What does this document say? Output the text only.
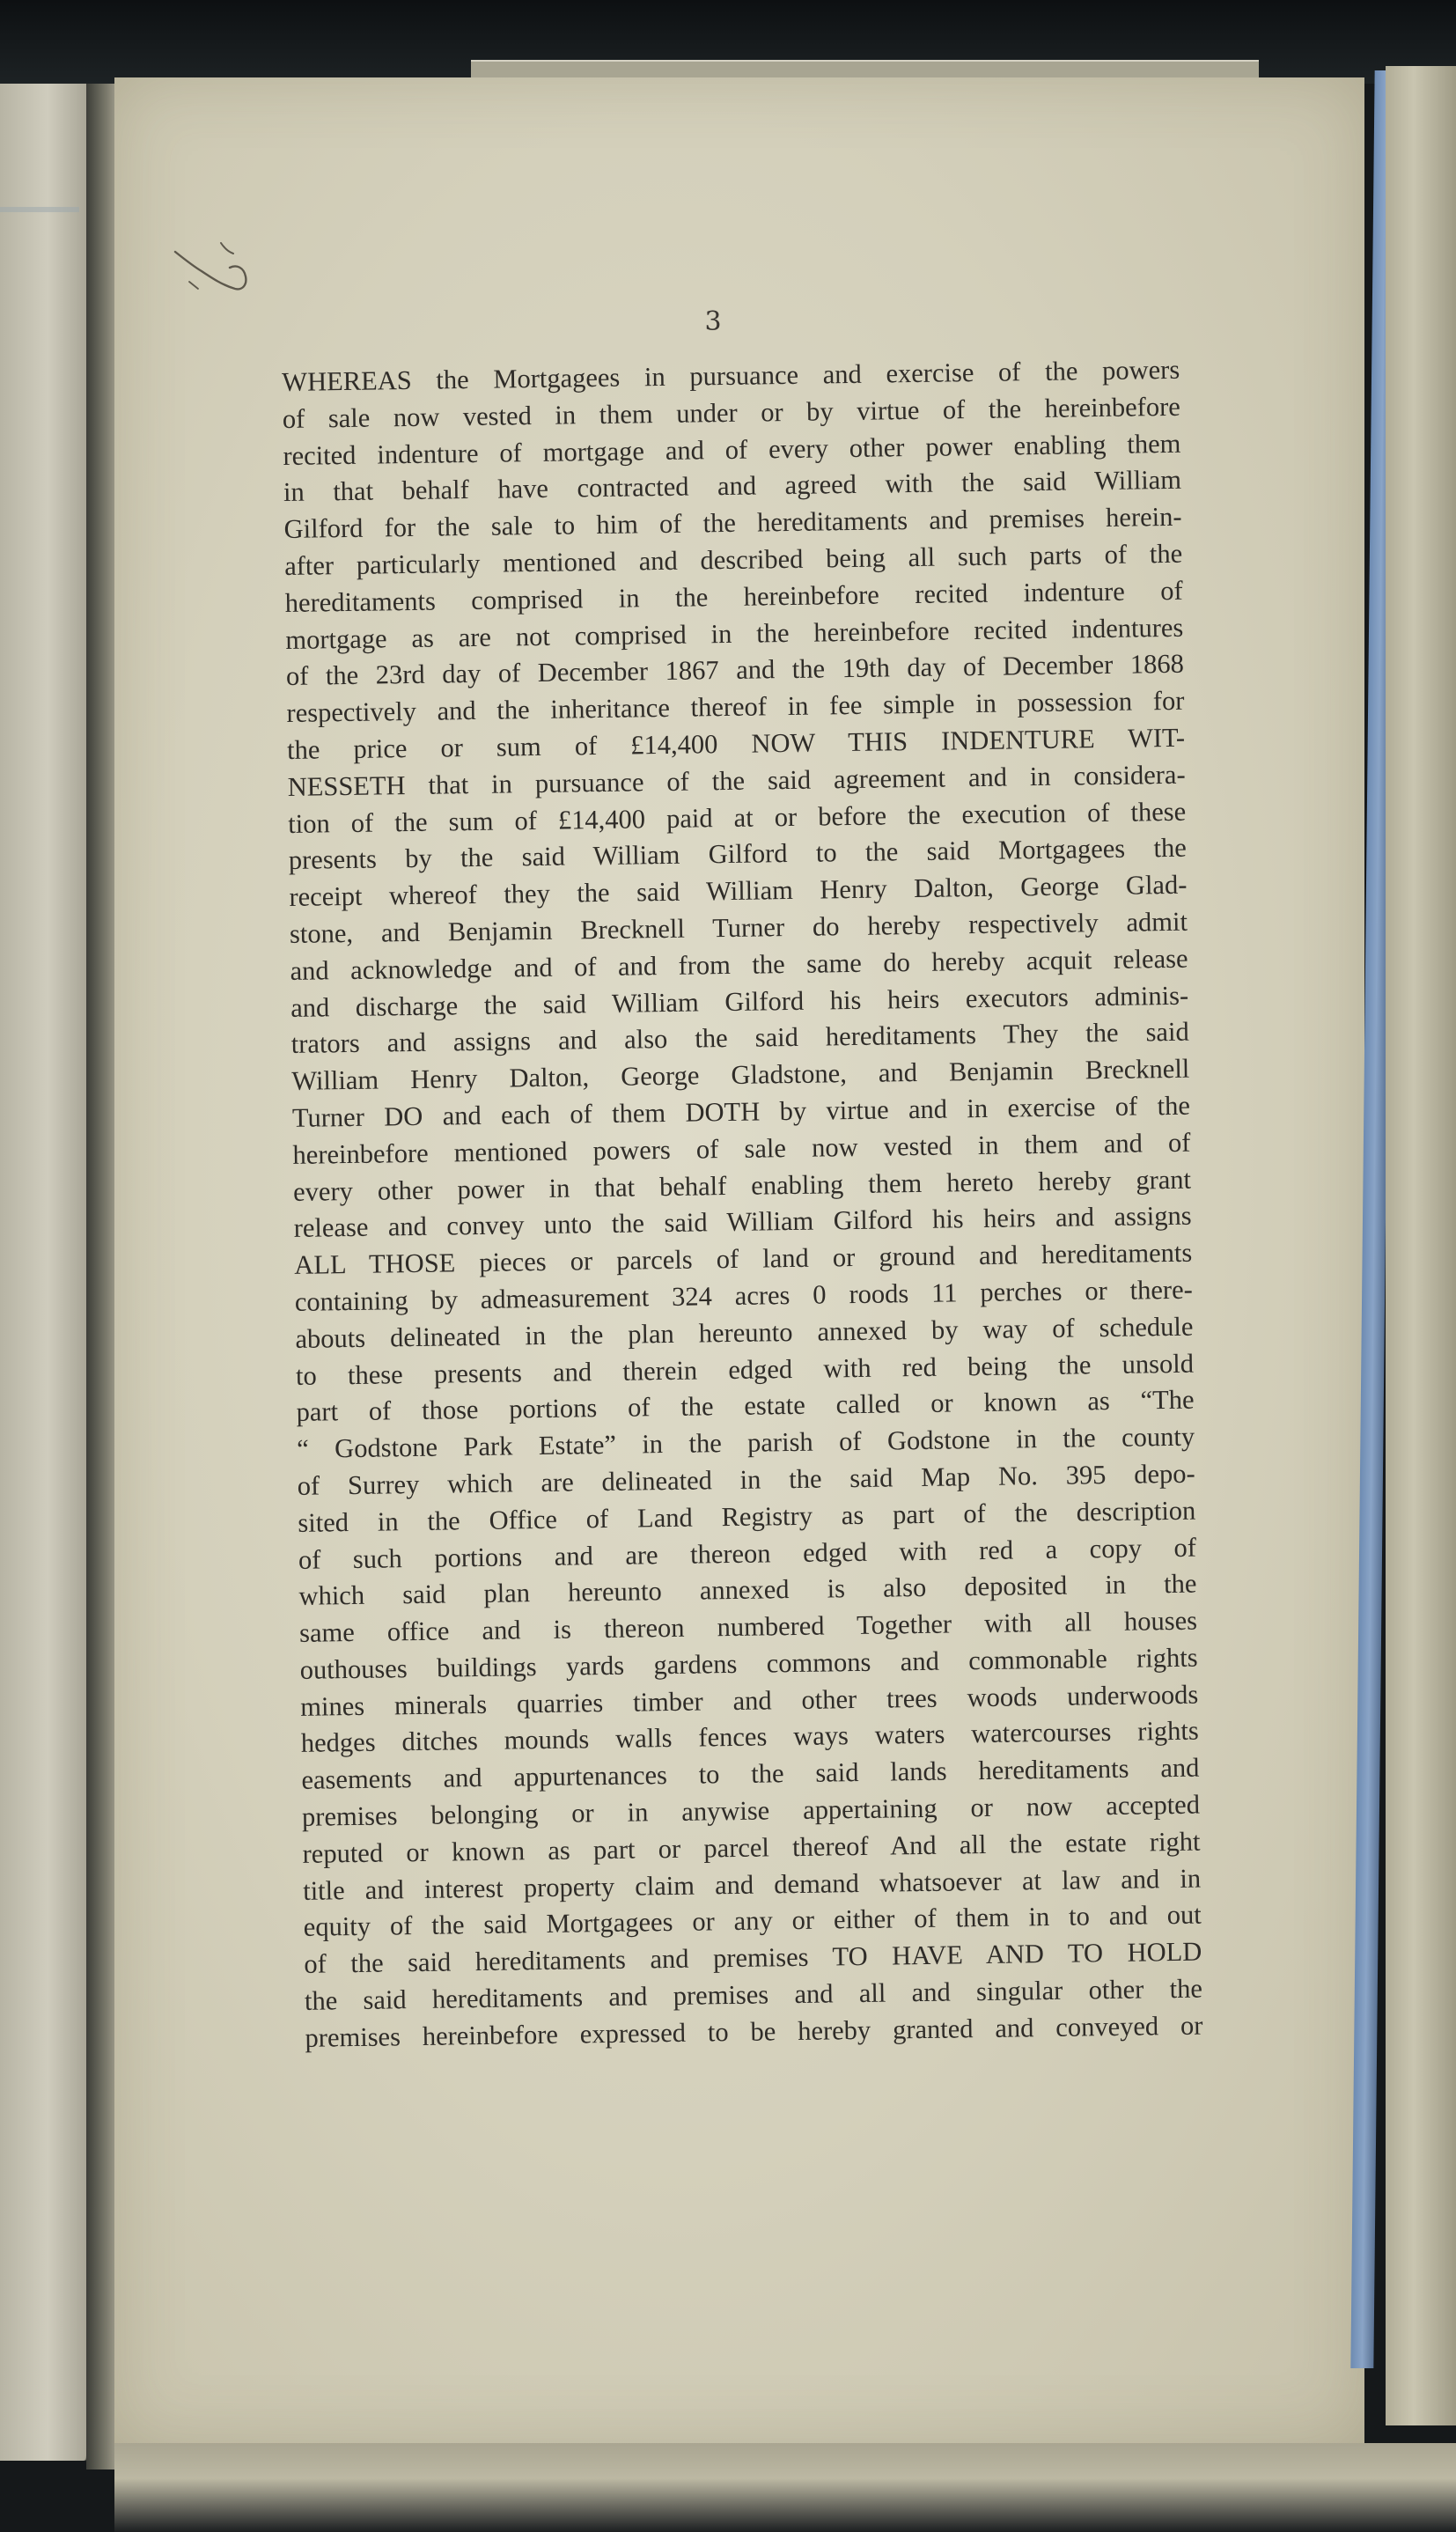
3
WHEREAS the Mortgagees in pursuance and exercise of the powers
of sale now vested in them under or by virtue of the hereinbefore
recited indenture of mortgage and of every other power enabling them
in that behalf have contracted and agreed with the said William
Gilford for the sale to him of the hereditaments and premises herein-
after particularly mentioned and described being all such parts of the
hereditaments comprised in the hereinbefore recited indenture of
mortgage as are not comprised in the hereinbefore recited indentures
of the 23rd day of December 1867 and the 19th day of December 1868
respectively and the inheritance thereof in fee simple in possession for
the price or sum of £14,400 NOW THIS INDENTURE WIT-
NESSETH that in pursuance of the said agreement and in considera-
tion of the sum of £14,400 paid at or before the execution of these
presents by the said William Gilford to the said Mortgagees the
receipt whereof they the said William Henry Dalton, George Glad-
stone, and Benjamin Brecknell Turner do hereby respectively admit
and acknowledge and of and from the same do hereby acquit release
and discharge the said William Gilford his heirs executors adminis-
trators and assigns and also the said hereditaments They the said
William Henry Dalton, George Gladstone, and Benjamin Brecknell
Turner DO and each of them DOTH by virtue and in exercise of the
hereinbefore mentioned powers of sale now vested in them and of
every other power in that behalf enabling them hereto hereby grant
release and convey unto the said William Gilford his heirs and assigns
ALL THOSE pieces or parcels of land or ground and hereditaments
containing by admeasurement 324 acres 0 roods 11 perches or there-
abouts delineated in the plan hereunto annexed by way of schedule
to these presents and therein edged with red being the unsold
part of those portions of the estate called or known as “The
“ Godstone Park Estate” in the parish of Godstone in the county
of Surrey which are delineated in the said Map No. 395 depo-
sited in the Office of Land Registry as part of the description
of such portions and are thereon edged with red a copy of
which said plan hereunto annexed is also deposited in the
same office and is thereon numbered Together with all houses
outhouses buildings yards gardens commons and commonable rights
mines minerals quarries timber and other trees woods underwoods
hedges ditches mounds walls fences ways waters watercourses rights
easements and appurtenances to the said lands hereditaments and
premises belonging or in anywise appertaining or now accepted
reputed or known as part or parcel thereof And all the estate right
title and interest property claim and demand whatsoever at law and in
equity of the said Mortgagees or any or either of them in to and out
of the said hereditaments and premises TO HAVE AND TO HOLD
the said hereditaments and premises and all and singular other the
premises hereinbefore expressed to be hereby granted and conveyed or
